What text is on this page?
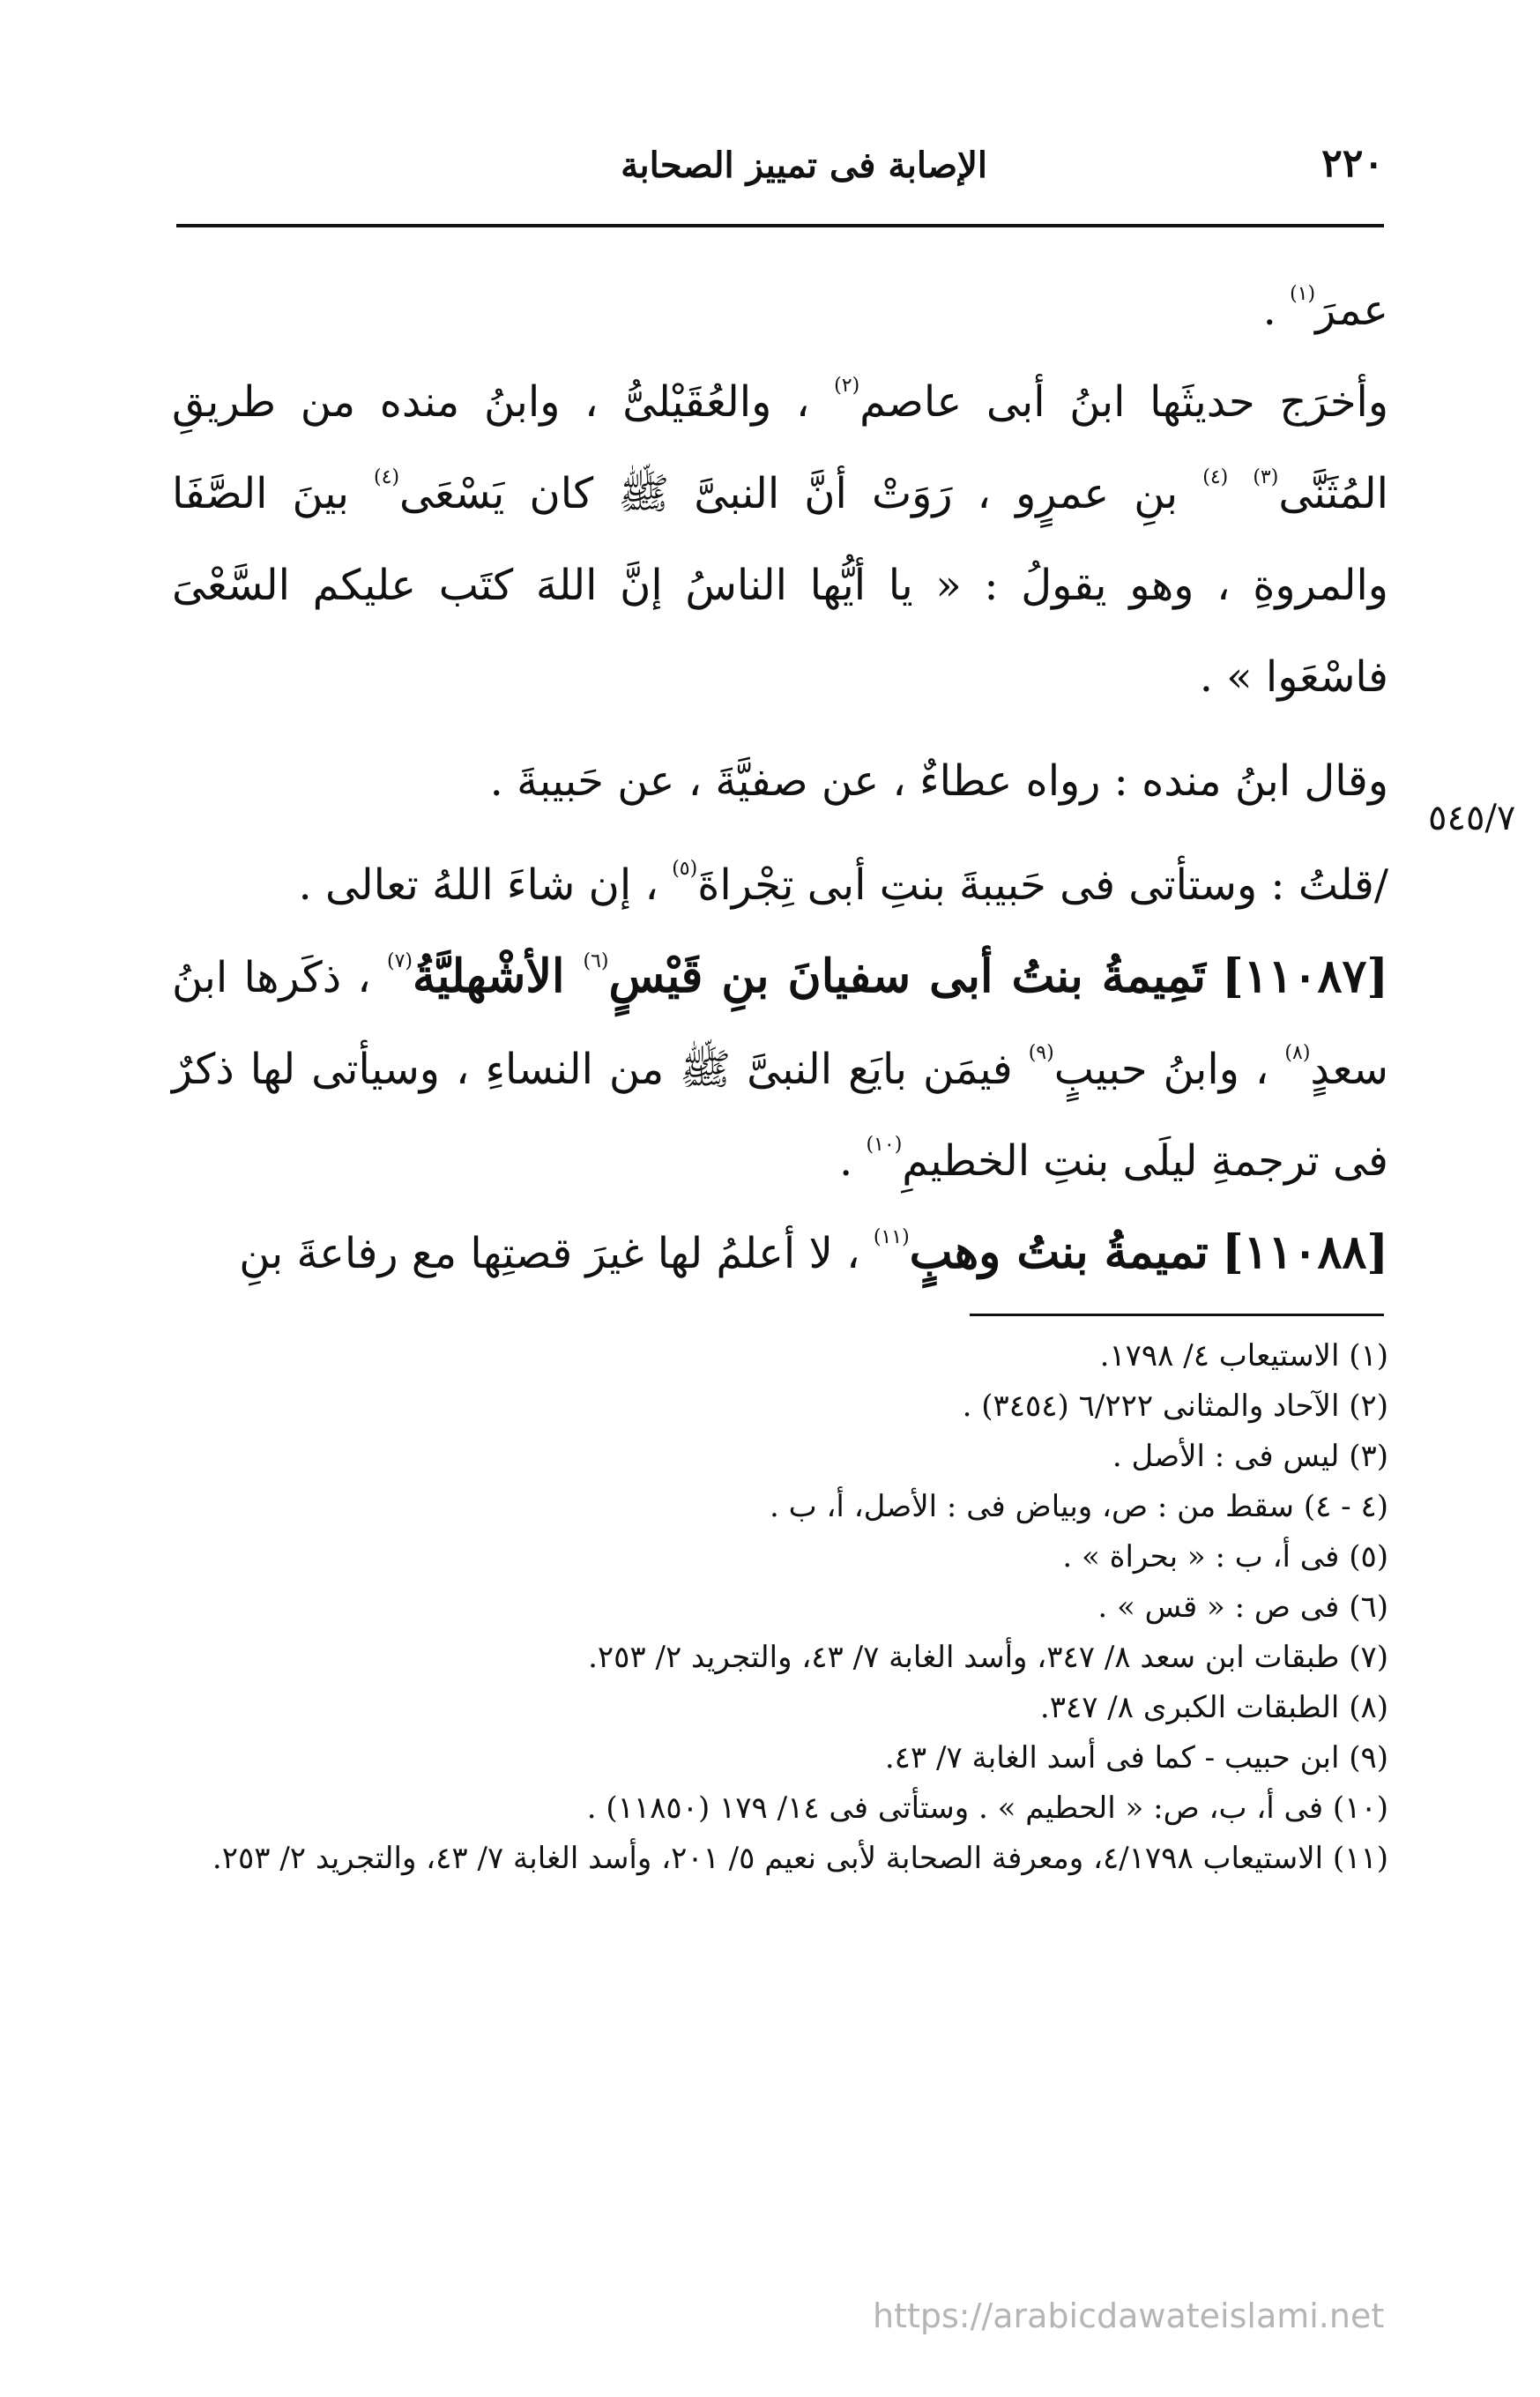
٢٢٠
الإصابة فى تمييز الصحابة
٥٤٥/٧

عمرَ$^{(١)}$ .

وأخرَج حديثَها ابنُ أبى عاصم$^{(٢)}$ ، والعُقَيْلىُّ ، وابنُ منده من طريقِ المُثَنَّى$^{(٣)}$ $^{(٤)}$ بنِ عمرٍو ، رَوَتْ أنَّ النبىَّ ﷺ كان يَسْعَى$^{(٤)}$ بينَ الصَّفَا والمروةِ ، وهو يقولُ : « يا أيُّها الناسُ إنَّ اللهَ كتَب عليكم السَّعْىَ فاسْعَوا » .

وقال ابنُ منده : رواه عطاءٌ ، عن صفيَّةَ ، عن حَبيبةَ .

/قلتُ : وستأتى فى حَبيبةَ بنتِ أبى تِجْراةَ$^{(٥)}$ ، إن شاءَ اللهُ تعالى .

[١١٠٨٧] تَمِيمةُ بنتُ أبى سفيانَ بنِ قَيْسٍ$^{(٦)}$ الأشْهليَّةُ$^{(٧)}$ ، ذكَرها ابنُ سعدٍ$^{(٨)}$ ، وابنُ حبيبٍ$^{(٩)}$ فيمَن بايَع النبىَّ ﷺ من النساءِ ، وسيأتى لها ذكرٌ فى ترجمةِ ليلَى بنتِ الخطيمِ$^{(١٠)}$ .

[١١٠٨٨] تميمةُ بنتُ وهبٍ$^{(١١)}$ ، لا أعلمُ لها غيرَ قصتِها مع رفاعةَ بنِ

(١) الاستيعاب ٤/ ١٧٩٨.
(٢) الآحاد والمثانى ٦/٢٢٢ (٣٤٥٤) .
(٣) ليس فى : الأصل .
(٤ - ٤) سقط من : ص، وبياض فى : الأصل، أ، ب .
(٥) فى أ، ب : « بحراة » .
(٦) فى ص : « قس » .
(٧) طبقات ابن سعد ٨/ ٣٤٧، وأسد الغابة ٧/ ٤٣، والتجريد ٢/ ٢٥٣.
(٨) الطبقات الكبرى ٨/ ٣٤٧.
(٩) ابن حبيب - كما فى أسد الغابة ٧/ ٤٣.
(١٠) فى أ، ب، ص: « الحطيم » . وستأتى فى ١٤/ ١٧٩ (١١٨٥٠) .
(١١) الاستيعاب ٤/١٧٩٨، ومعرفة الصحابة لأبى نعيم ٥/ ٢٠١، وأسد الغابة ٧/ ٤٣، والتجريد ٢/ ٢٥٣.
https://arabicdawateislami.net
